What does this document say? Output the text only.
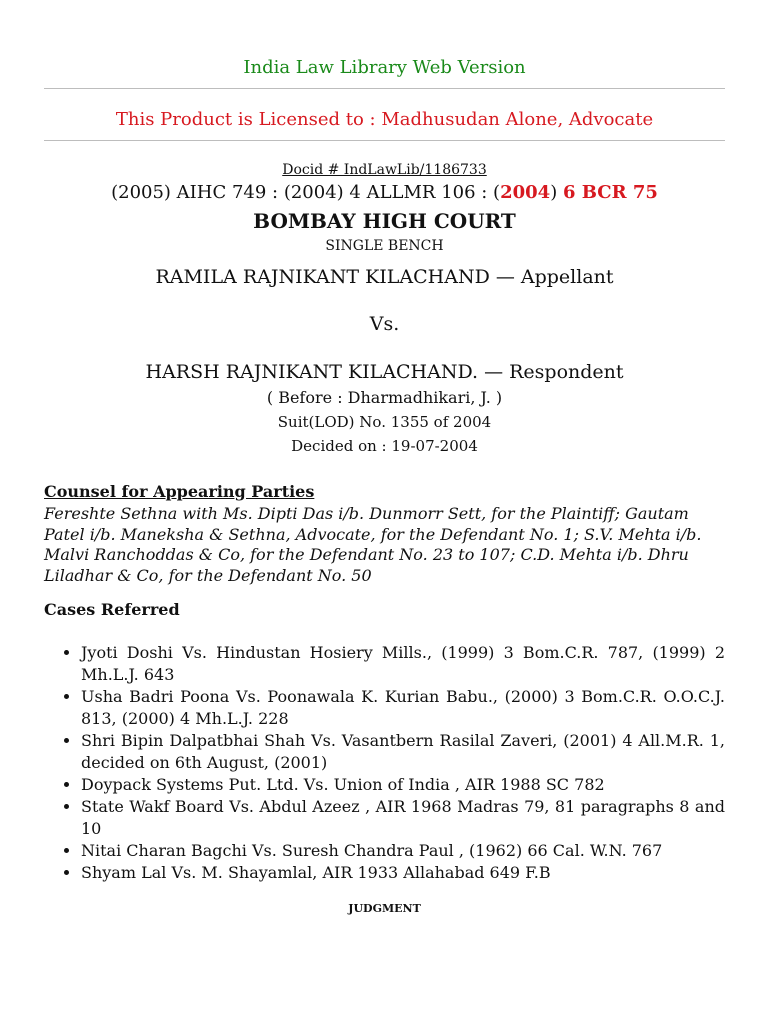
India Law Library Web Version
This Product is Licensed to : Madhusudan Alone, Advocate
Docid # IndLawLib/1186733
(2005) AIHC 749 : (2004) 4 ALLMR 106 : (2004) 6 BCR 75
BOMBAY HIGH COURT
SINGLE BENCH
RAMILA RAJNIKANT KILACHAND — Appellant
Vs.
HARSH RAJNIKANT KILACHAND. — Respondent
( Before : Dharmadhikari, J. )
Suit(LOD) No. 1355 of 2004
Decided on : 19-07-2004
Counsel for Appearing Parties
Fereshte Sethna with Ms. Dipti Das i/b. Dunmorr Sett, for the Plaintiff; Gautam Patel i/b. Maneksha & Sethna, Advocate, for the Defendant No. 1; S.V. Mehta i/b. Malvi Ranchoddas & Co, for the Defendant No. 23 to 107; C.D. Mehta i/b. Dhru Liladhar & Co, for the Defendant No. 50
Cases Referred
• Jyoti Doshi Vs. Hindustan Hosiery Mills., (1999) 3 Bom.C.R. 787, (1999) 2 Mh.L.J. 643
• Usha Badri Poona Vs. Poonawala K. Kurian Babu., (2000) 3 Bom.C.R. O.O.C.J. 813, (2000) 4 Mh.L.J. 228
• Shri Bipin Dalpatbhai Shah Vs. Vasantbern Rasilal Zaveri, (2001) 4 All.M.R. 1, decided on 6th August, (2001)
• Doypack Systems Put. Ltd. Vs. Union of India , AIR 1988 SC 782
• State Wakf Board Vs. Abdul Azeez , AIR 1968 Madras 79, 81 paragraphs 8 and 10
• Nitai Charan Bagchi Vs. Suresh Chandra Paul , (1962) 66 Cal. W.N. 767
• Shyam Lal Vs. M. Shayamlal, AIR 1933 Allahabad 649 F.B
JUDGMENT
